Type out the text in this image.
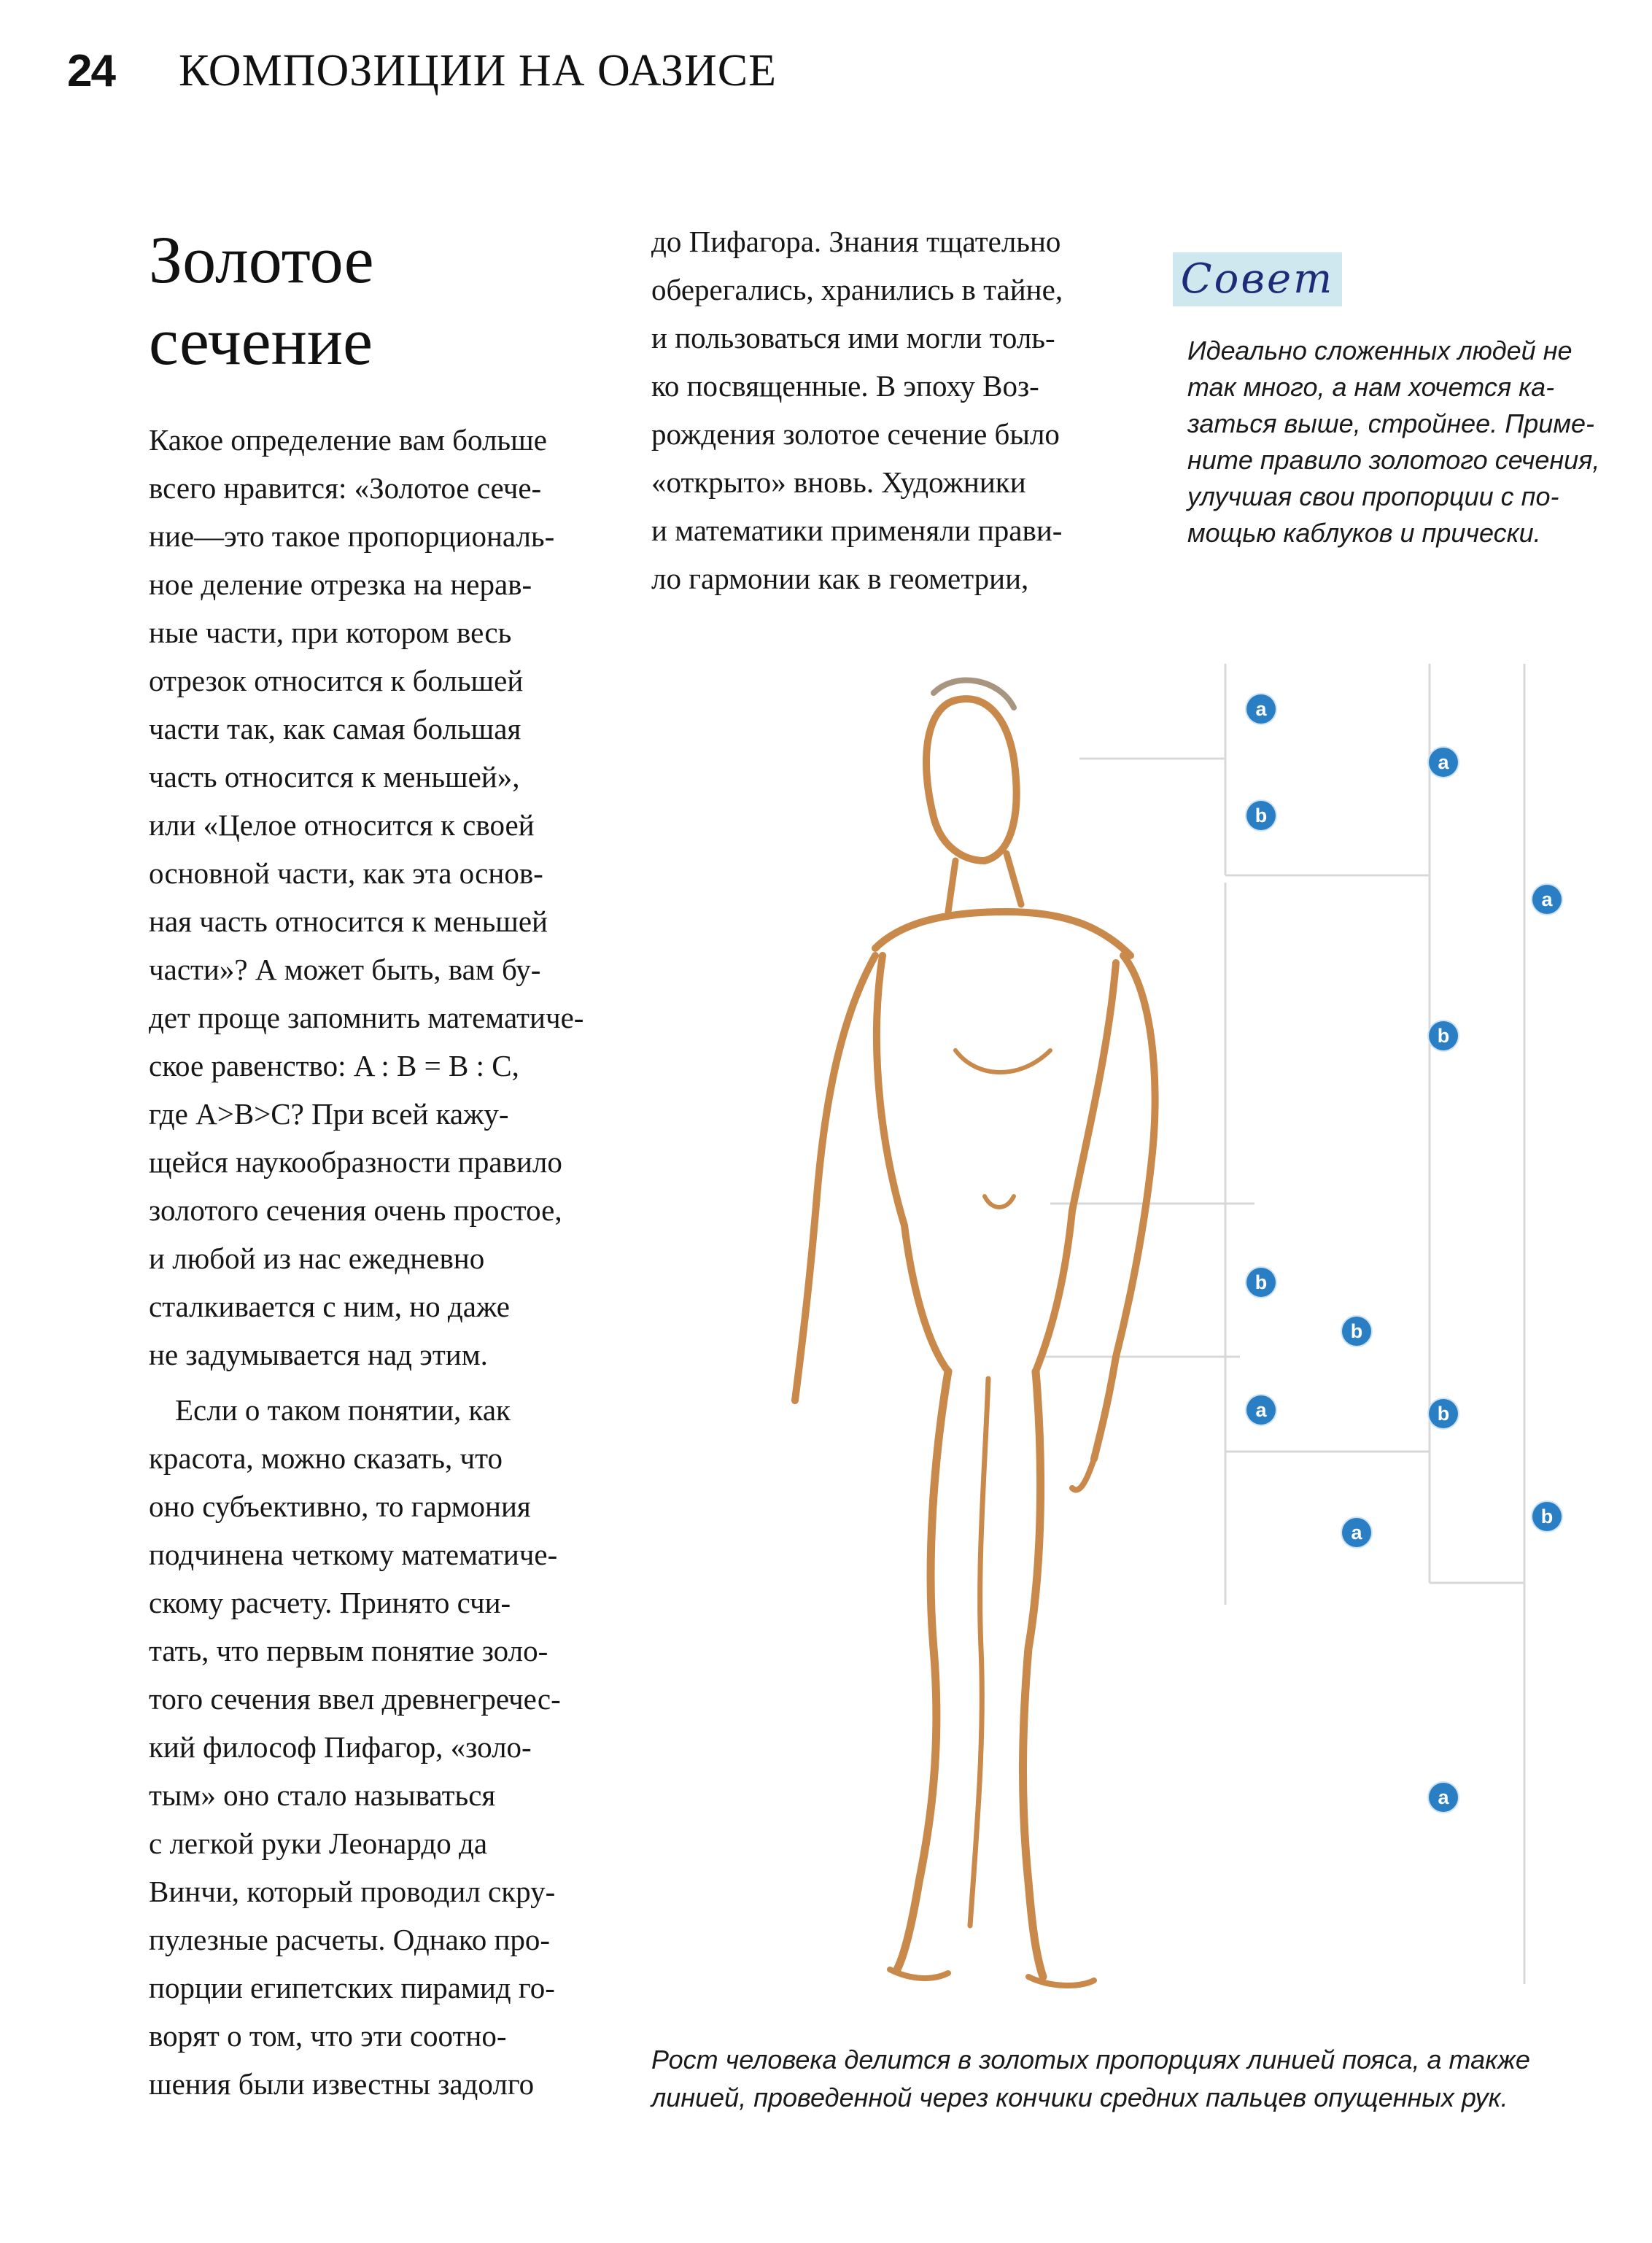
24 КОМПОЗИЦИИ НА ОАЗИСЕ
Золотое
сечение
Какое определение вам больше
всего нравится: «Золотое сече-
ние—это такое пропорциональ-
ное деление отрезка на нерав-
ные части, при котором весь
отрезок относится к большей
части так, как самая большая
часть относится к меньшей»,
или «Целое относится к своей
основной части, как эта основ-
ная часть относится к меньшей
части»? А может быть, вам бу-
дет проще запомнить математиче-
ское равенство: A : B = B : C,
где A>B>C? При всей кажу-
щейся наукообразности правило
золотого сечения очень простое,
и любой из нас ежедневно
сталкивается с ним, но даже
не задумывается над этим.
Если о таком понятии, как
красота, можно сказать, что
оно субъективно, то гармония
подчинена четкому математиче-
скому расчету. Принято счи-
тать, что первым понятие золо-
того сечения ввел древнегречес-
кий философ Пифагор, «золо-
тым» оно стало называться
с легкой руки Леонардо да
Винчи, который проводил скру-
пулезные расчеты. Однако про-
порции египетских пирамид го-
ворят о том, что эти соотно-
шения были известны задолго
до Пифагора. Знания тщательно
оберегались, хранились в тайне,
и пользоваться ими могли толь-
ко посвященные. В эпоху Воз-
рождения золотое сечение было
«открыто» вновь. Художники
и математики применяли прави-
ло гармонии как в геометрии,
Совет
Идеально сложенных людей не
так много, а нам хочется ка-
заться выше, стройнее. Приме-
ните правило золотого сечения,
улучшая свои пропорции с по-
мощью каблуков и прически.
a
a
b
a
b
b
b
a	b
a
b
a
Рост человека делится в золотых пропорциях линией пояса, а также
линией, проведенной через кончики средних пальцев опущенных рук.
